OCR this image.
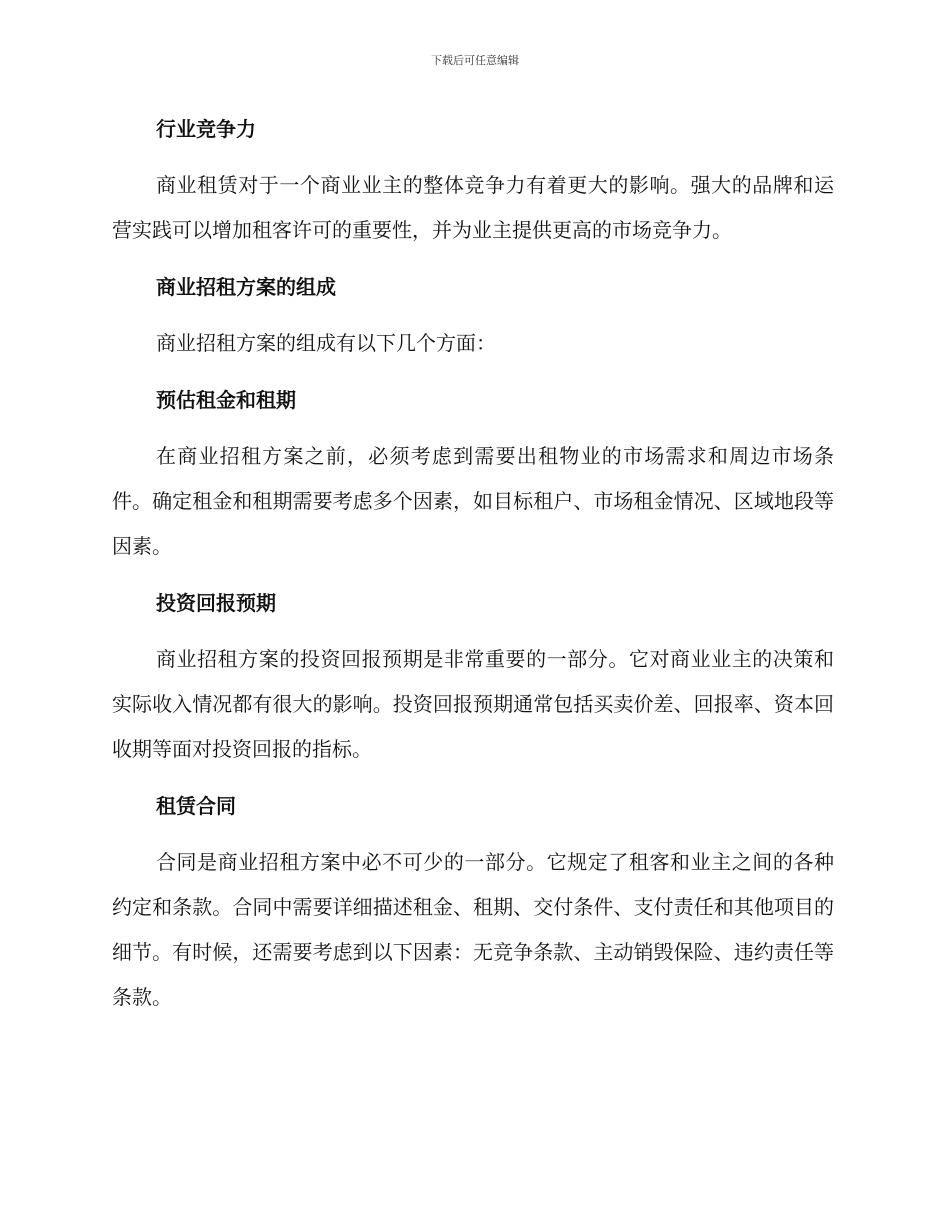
下载后可任意编辑
行业竞争力

商业租赁对于一个商业业主的整体竞争力有着更大的影响。强大的品牌和运营实践可以增加租客许可的重要性，并为业主提供更高的市场竞争力。

商业招租方案的组成

商业招租方案的组成有以下几个方面：

预估租金和租期

在商业招租方案之前，必须考虑到需要出租物业的市场需求和周边市场条件。确定租金和租期需要考虑多个因素，如目标租户、市场租金情况、区域地段等因素。

投资回报预期

商业招租方案的投资回报预期是非常重要的一部分。它对商业业主的决策和实际收入情况都有很大的影响。投资回报预期通常包括买卖价差、回报率、资本回收期等面对投资回报的指标。

租赁合同

合同是商业招租方案中必不可少的一部分。它规定了租客和业主之间的各种约定和条款。合同中需要详细描述租金、租期、交付条件、支付责任和其他项目的细节。有时候，还需要考虑到以下因素：无竞争条款、主动销毁保险、违约责任等条款。
